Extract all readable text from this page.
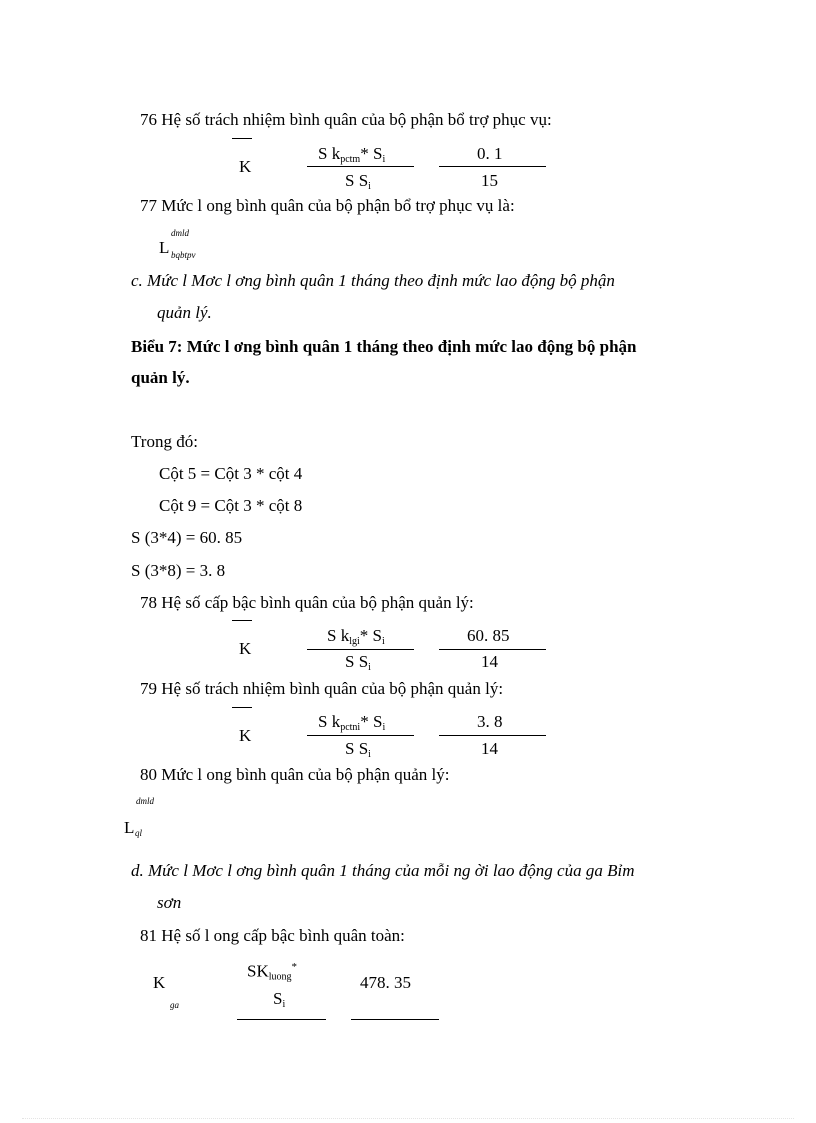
76 Hệ số trách nhiệm bình quân của bộ phận bổ trợ phục vụ:
K
S $k_{pctm}*$ $S_i$
S $S_i$
0. 1
15
77 Mức l ong bình quân của bộ phận bổ trợ phục vụ là:
dmld
L bqbtpv
c. Mức l Mơc l ơng bình quân 1 tháng theo định mức lao động bộ phận
quản lý.
Biểu 7: Mức l ơng bình quân 1 tháng theo định mức lao động bộ phận
quản lý.
Trong đó:
Cột 5 = Cột 3 * cột 4
Cột 9 = Cột 3 * cột 8
S (3*4) = 60. 85
S (3*8) = 3. 8
78 Hệ số cấp bậc bình quân của bộ phận quản lý:
K
S $k_{lgi}*$ $S_i$
S $S_i$
60. 85
14
79 Hệ số trách nhiệm bình quân của bộ phận quản lý:
K
S $k_{pctni}*$ $S_i$
S $S_i$
3. 8
14
80 Mức l ong bình quân của bộ phận quản lý:
dmld
L ql
d. Mức l Mơc l ơng bình quân 1 tháng của mỗi ng ời lao động của ga Bỉm
sơn
81 Hệ số l ong cấp bậc bình quân toàn:
$SK_{luong}^*$
K
ga
478. 35
$S_i$
